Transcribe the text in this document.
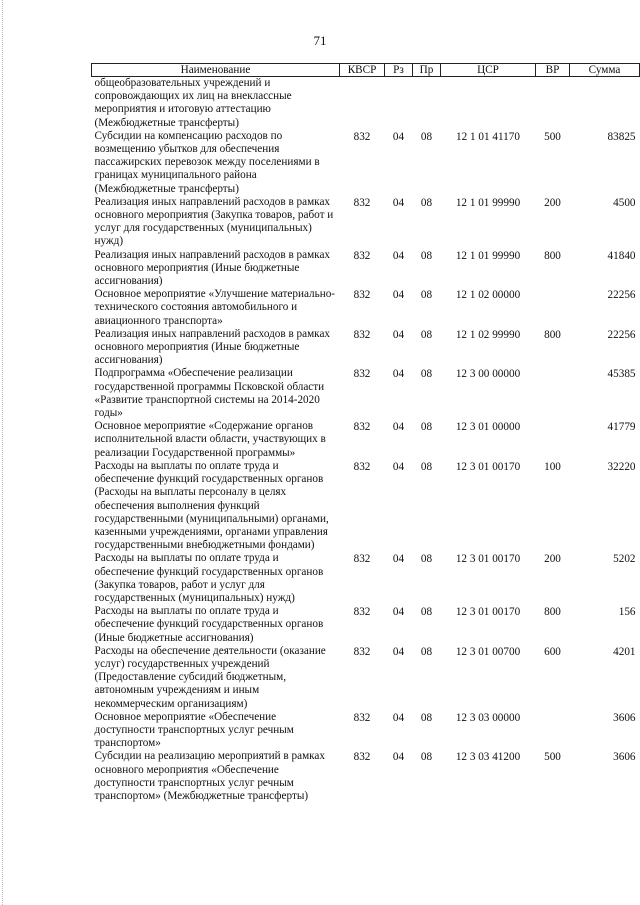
71
Наименование	КВСР	Рз	Пр	ЦСР	ВР	Сумма
общеобразовательных учреждений и сопровождающих их лиц на внеклассные мероприятия и итоговую аттестацию (Межбюджетные трансферты)						
Субсидии на компенсацию расходов по возмещению убытков для обеспечения пассажирских перевозок между поселениями в границах муниципального района (Межбюджетные трансферты)	832	04	08	12 1 01 41170	500	83825
Реализация иных направлений расходов в рамках основного мероприятия (Закупка товаров, работ и услуг для государственных (муниципальных) нужд)	832	04	08	12 1 01 99990	200	4500
Реализация иных направлений расходов в рамках основного мероприятия (Иные бюджетные ассигнования)	832	04	08	12 1 01 99990	800	41840
Основное мероприятие «Улучшение материально-технического состояния автомобильного и авиационного транспорта»	832	04	08	12 1 02 00000		22256
Реализация иных направлений расходов в рамках основного мероприятия (Иные бюджетные ассигнования)	832	04	08	12 1 02 99990	800	22256
Подпрограмма «Обеспечение реализации государственной программы Псковской области «Развитие транспортной системы на 2014-2020 годы»	832	04	08	12 3 00 00000		45385
Основное мероприятие «Содержание органов исполнительной власти области, участвующих в реализации Государственной программы»	832	04	08	12 3 01 00000		41779
Расходы на выплаты по оплате труда и обеспечение функций государственных органов (Расходы на выплаты персоналу в целях обеспечения выполнения функций государственными (муниципальными) органами, казенными учреждениями, органами управления государственными внебюджетными фондами)	832	04	08	12 3 01 00170	100	32220
Расходы на выплаты по оплате труда и обеспечение функций государственных органов (Закупка товаров, работ и услуг для государственных (муниципальных) нужд)	832	04	08	12 3 01 00170	200	5202
Расходы на выплаты по оплате труда и обеспечение функций государственных органов (Иные бюджетные ассигнования)	832	04	08	12 3 01 00170	800	156
Расходы на обеспечение деятельности (оказание услуг) государственных учреждений (Предоставление субсидий бюджетным, автономным учреждениям и иным некоммерческим организациям)	832	04	08	12 3 01 00700	600	4201
Основное мероприятие «Обеспечение доступности транспортных услуг речным транспортом»	832	04	08	12 3 03 00000		3606
Субсидии на реализацию мероприятий в рамках основного мероприятия «Обеспечение доступности транспортных услуг речным транспортом» (Межбюджетные трансферты)	832	04	08	12 3 03 41200	500	3606
